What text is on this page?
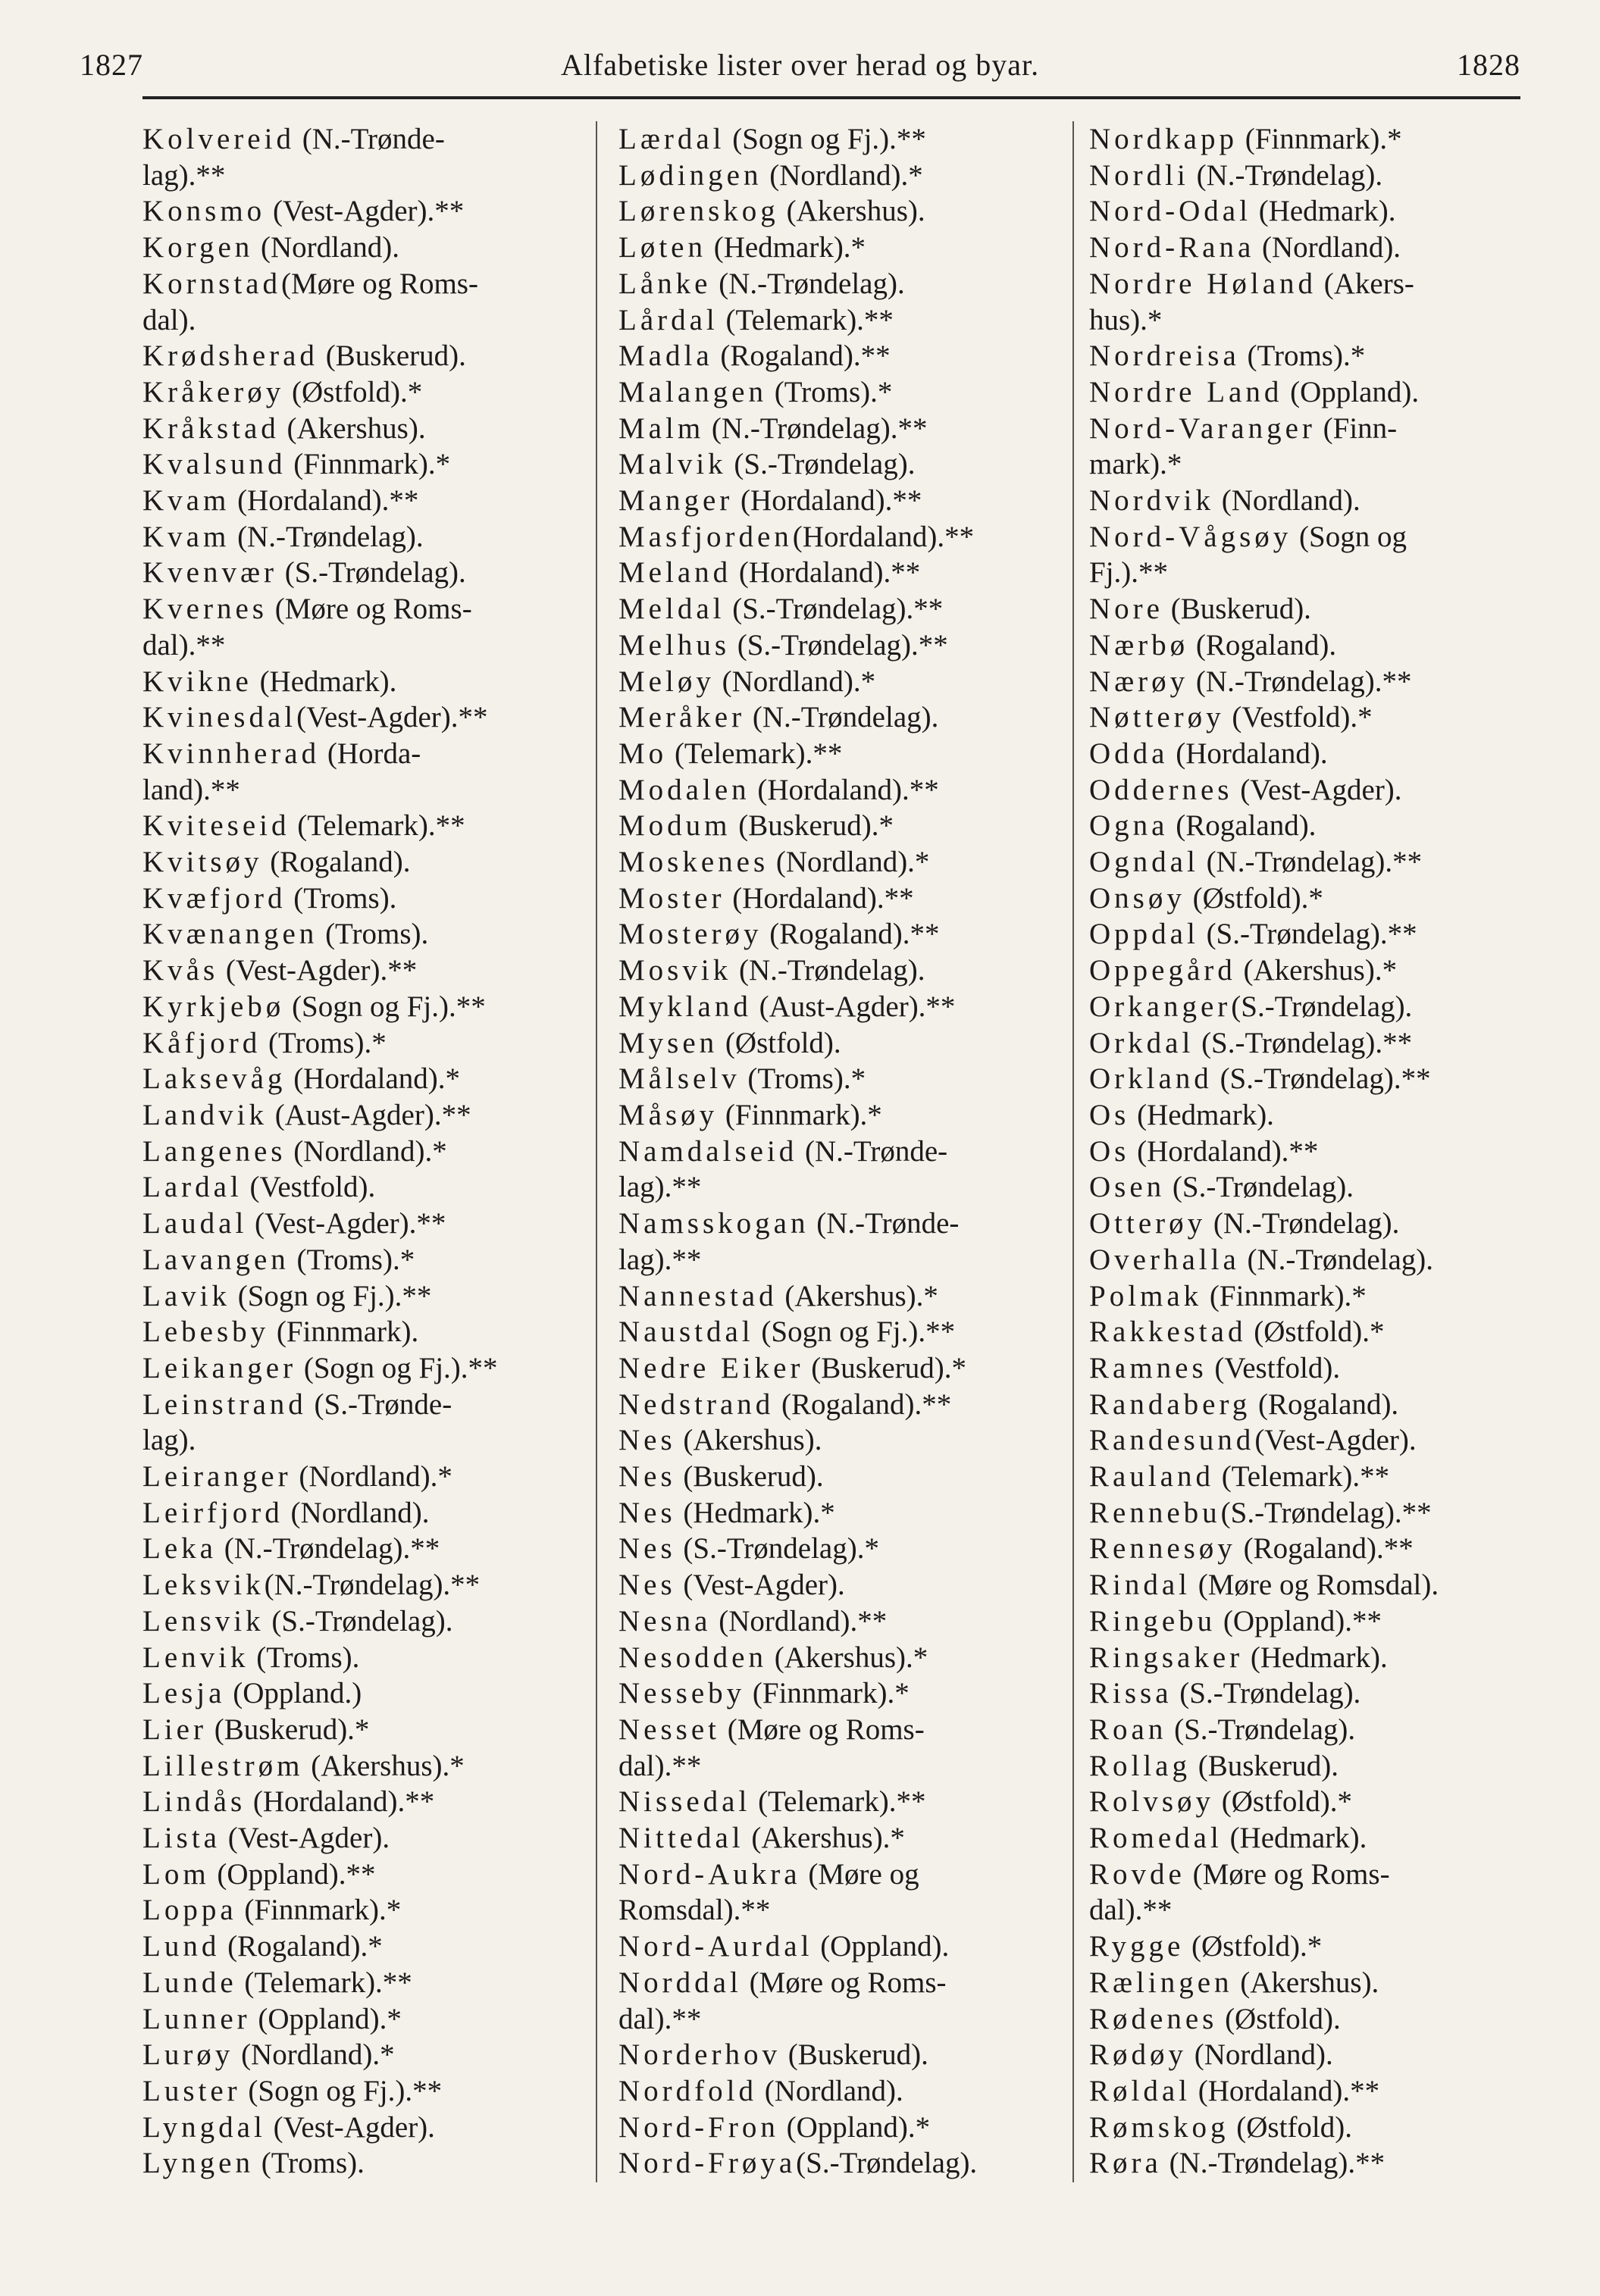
1827	Alfabetiske lister over herad og byar.	1828
Kolvereid (N.-Trønde-
lag).**
Konsmo (Vest-Agder).**
Korgen (Nordland).
Kornstad(Møre og Roms-
dal).
Krødsherad (Buskerud).
Kråkerøy (Østfold).*
Kråkstad (Akershus).
Kvalsund (Finnmark).*
Kvam (Hordaland).**
Kvam (N.-Trøndelag).
Kvenvær (S.-Trøndelag).
Kvernes (Møre og Roms-
dal).**
Kvikne (Hedmark).
Kvinesdal(Vest-Agder).**
Kvinnherad (Horda-
land).**
Kviteseid (Telemark).**
Kvitsøy (Rogaland).
Kvæfjord (Troms).
Kvænangen (Troms).
Kvås (Vest-Agder).**
Kyrkjebø (Sogn og Fj.).**
Kåfjord (Troms).*
Laksevåg (Hordaland).*
Landvik (Aust-Agder).**
Langenes (Nordland).*
Lardal (Vestfold).
Laudal (Vest-Agder).**
Lavangen (Troms).*
Lavik (Sogn og Fj.).**
Lebesby (Finnmark).
Leikanger (Sogn og Fj.).**
Leinstrand (S.-Trønde-
lag).
Leiranger (Nordland).*
Leirfjord (Nordland).
Leka (N.-Trøndelag).**
Leksvik(N.-Trøndelag).**
Lensvik (S.-Trøndelag).
Lenvik (Troms).
Lesja (Oppland.)
Lier (Buskerud).*
Lillestrøm (Akershus).*
Lindås (Hordaland).**
Lista (Vest-Agder).
Lom (Oppland).**
Loppa (Finnmark).*
Lund (Rogaland).*
Lunde (Telemark).**
Lunner (Oppland).*
Lurøy (Nordland).*
Luster (Sogn og Fj.).**
Lyngdal (Vest-Agder).
Lyngen (Troms).
Lærdal (Sogn og Fj.).**
Lødingen (Nordland).*
Lørenskog (Akershus).
Løten (Hedmark).*
Lånke (N.-Trøndelag).
Lårdal (Telemark).**
Madla (Rogaland).**
Malangen (Troms).*
Malm (N.-Trøndelag).**
Malvik (S.-Trøndelag).
Manger (Hordaland).**
Masfjorden(Hordaland).**
Meland (Hordaland).**
Meldal (S.-Trøndelag).**
Melhus (S.-Trøndelag).**
Meløy (Nordland).*
Meråker (N.-Trøndelag).
Mo (Telemark).**
Modalen (Hordaland).**
Modum (Buskerud).*
Moskenes (Nordland).*
Moster (Hordaland).**
Mosterøy (Rogaland).**
Mosvik (N.-Trøndelag).
Mykland (Aust-Agder).**
Mysen (Østfold).
Målselv (Troms).*
Måsøy (Finnmark).*
Namdalseid (N.-Trønde-
lag).**
Namsskogan (N.-Trønde-
lag).**
Nannestad (Akershus).*
Naustdal (Sogn og Fj.).**
Nedre Eiker (Buskerud).*
Nedstrand (Rogaland).**
Nes (Akershus).
Nes (Buskerud).
Nes (Hedmark).*
Nes (S.-Trøndelag).*
Nes (Vest-Agder).
Nesna (Nordland).**
Nesodden (Akershus).*
Nesseby (Finnmark).*
Nesset (Møre og Roms-
dal).**
Nissedal (Telemark).**
Nittedal (Akershus).*
Nord-Aukra (Møre og
Romsdal).**
Nord-Aurdal (Oppland).
Norddal (Møre og Roms-
dal).**
Norderhov (Buskerud).
Nordfold (Nordland).
Nord-Fron (Oppland).*
Nord-Frøya(S.-Trøndelag).
Nordkapp (Finnmark).*
Nordli (N.-Trøndelag).
Nord-Odal (Hedmark).
Nord-Rana (Nordland).
Nordre Høland (Akers-
hus).*
Nordreisa (Troms).*
Nordre Land (Oppland).
Nord-Varanger (Finn-
mark).*
Nordvik (Nordland).
Nord-Vågsøy (Sogn og
Fj.).**
Nore (Buskerud).
Nærbø (Rogaland).
Nærøy (N.-Trøndelag).**
Nøtterøy (Vestfold).*
Odda (Hordaland).
Oddernes (Vest-Agder).
Ogna (Rogaland).
Ogndal (N.-Trøndelag).**
Onsøy (Østfold).*
Oppdal (S.-Trøndelag).**
Oppegård (Akershus).*
Orkanger(S.-Trøndelag).
Orkdal (S.-Trøndelag).**
Orkland (S.-Trøndelag).**
Os (Hedmark).
Os (Hordaland).**
Osen (S.-Trøndelag).
Otterøy (N.-Trøndelag).
Overhalla (N.-Trøndelag).
Polmak (Finnmark).*
Rakkestad (Østfold).*
Ramnes (Vestfold).
Randaberg (Rogaland).
Randesund(Vest-Agder).
Rauland (Telemark).**
Rennebu(S.-Trøndelag).**
Rennesøy (Rogaland).**
Rindal (Møre og Romsdal).
Ringebu (Oppland).**
Ringsaker (Hedmark).
Rissa (S.-Trøndelag).
Roan (S.-Trøndelag).
Rollag (Buskerud).
Rolvsøy (Østfold).*
Romedal (Hedmark).
Rovde (Møre og Roms-
dal).**
Rygge (Østfold).*
Rælingen (Akershus).
Rødenes (Østfold).
Rødøy (Nordland).
Røldal (Hordaland).**
Rømskog (Østfold).
Røra (N.-Trøndelag).**
